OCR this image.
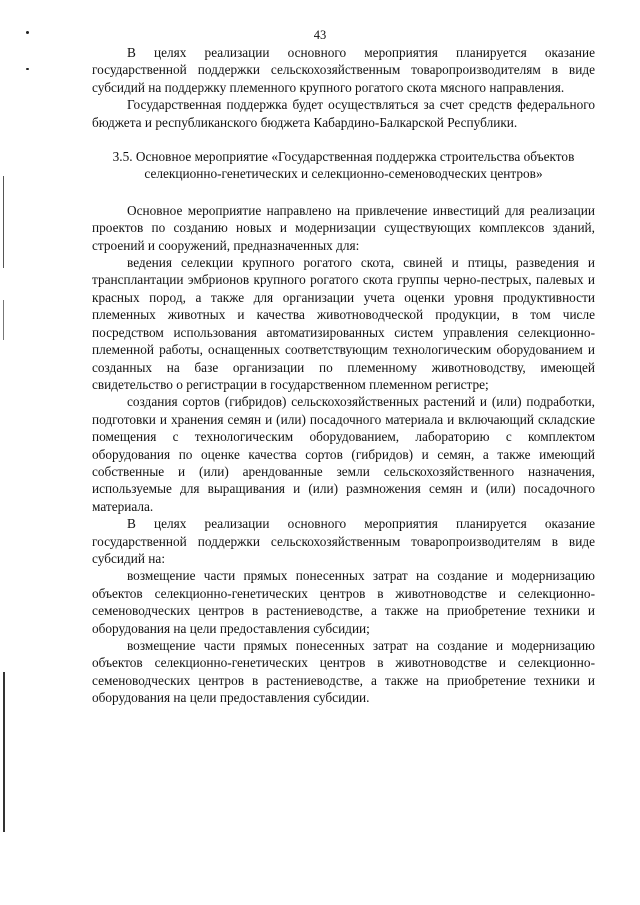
43

В целях реализации основного мероприятия планируется оказание государственной поддержки сельскохозяйственным товаропроизводителям в виде субсидий на поддержку племенного крупного рогатого скота мясного направления.

Государственная поддержка будет осуществляться за счет средств федерального бюджета и республиканского бюджета Кабардино-Балкарской Республики.

3.5. Основное мероприятие «Государственная поддержка строительства объектов селекционно-генетических и селекционно-семеноводческих центров»

Основное мероприятие направлено на привлечение инвестиций для реализации проектов по созданию новых и модернизации существующих комплексов зданий, строений и сооружений, предназначенных для:

ведения селекции крупного рогатого скота, свиней и птицы, разведения и трансплантации эмбрионов крупного рогатого скота группы черно-пестрых, палевых и красных пород, а также для организации учета оценки уровня продуктивности племенных животных и качества животноводческой продукции, в том числе посредством использования автоматизированных систем управления селекционно-племенной работы, оснащенных соответствующим технологическим оборудованием и созданных на базе организации по племенному животноводству, имеющей свидетельство о регистрации в государственном племенном регистре;

создания сортов (гибридов) сельскохозяйственных растений и (или) подработки, подготовки и хранения семян и (или) посадочного материала и включающий складские помещения с технологическим оборудованием, лабораторию с комплектом оборудования по оценке качества сортов (гибридов) и семян, а также имеющий собственные и (или) арендованные земли сельскохозяйственного назначения, используемые для выращивания и (или) размножения семян и (или) посадочного материала.

В целях реализации основного мероприятия планируется оказание государственной поддержки сельскохозяйственным товаропроизводителям в виде субсидий на:

возмещение части прямых понесенных затрат на создание и модернизацию объектов селекционно-генетических центров в животноводстве и селекционно-семеноводческих центров в растениеводстве, а также на приобретение техники и оборудования на цели предоставления субсидии;

возмещение части прямых понесенных затрат на создание и модернизацию объектов селекционно-генетических центров в животноводстве и селекционно-семеноводческих центров в растениеводстве, а также на приобретение техники и оборудования на цели предоставления субсидии.
